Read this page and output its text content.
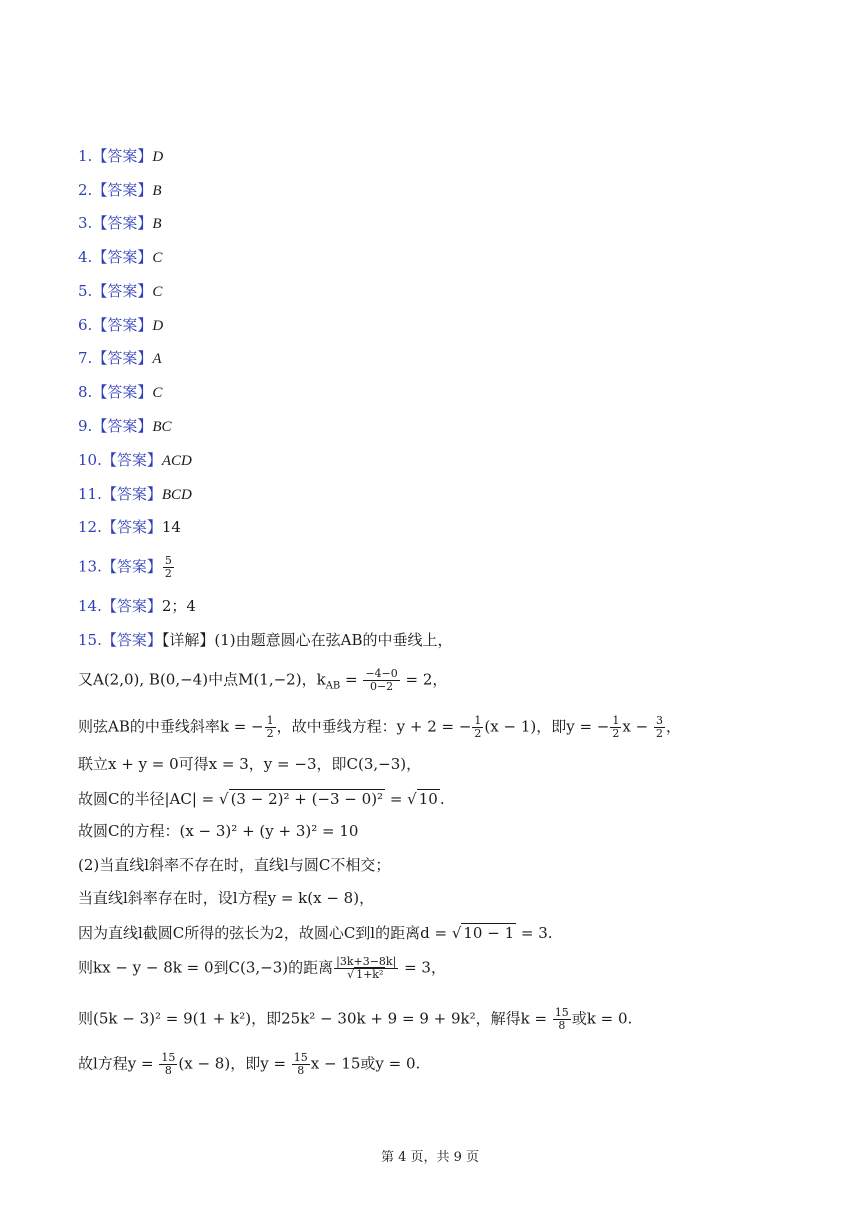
1.【答案】D
2.【答案】B
3.【答案】B
4.【答案】C
5.【答案】C
6.【答案】D
7.【答案】A
8.【答案】C
9.【答案】BC
10.【答案】ACD
11.【答案】BCD
12.【答案】14
13.【答案】 $\frac{5}{2}$
14.【答案】2；4
15.【答案】【详解】(1)由题意圆心在弦AB的中垂线上，
又A(2,0), B(0,−4)中点M(1,−2)，$k_{AB} = \frac{-4-0}{0-2} = 2$，
则弦AB的中垂线斜率k = − $\frac{1}{2}$ ，故中垂线方程：y + 2 = − $\frac{1}{2} (x - 1)$，即y = − $\frac{1}{2}$ $x - \frac{3}{2}$ ，
联立x + y = 0可得x = 3，y = −3，即C(3,−3)，
故圆C的半径|AC| = √ (3 − 2)² + (−3 − 0)² = √ 10 .
故圆C的方程：(x − 3)² + (y + 3)² = 10
(2)当直线l斜率不存在时，直线l与圆C不相交；
当直线l斜率存在时，设l方程y = k(x − 8)，
因为直线l截圆C所得的弦长为2，故圆心C到l的距离d = √ 10 − 1 = 3.
则kx − y − 8k = 0到C(3,−3)的距离 $\frac{|3k+3-8k|}{\text{√ 1+k²}} = 3$，
则(5k − 3)² = 9(1 + k²)，即25k² − 30k + 9 = 9 + 9k²，解得$k = \frac{15}{8}$ 或k = 0.
故l方程$y = \frac{15}{8} (x - 8)$，即$y = \frac{15}{8}$ x − 15或y = 0.
第 4 页，共 9 页
